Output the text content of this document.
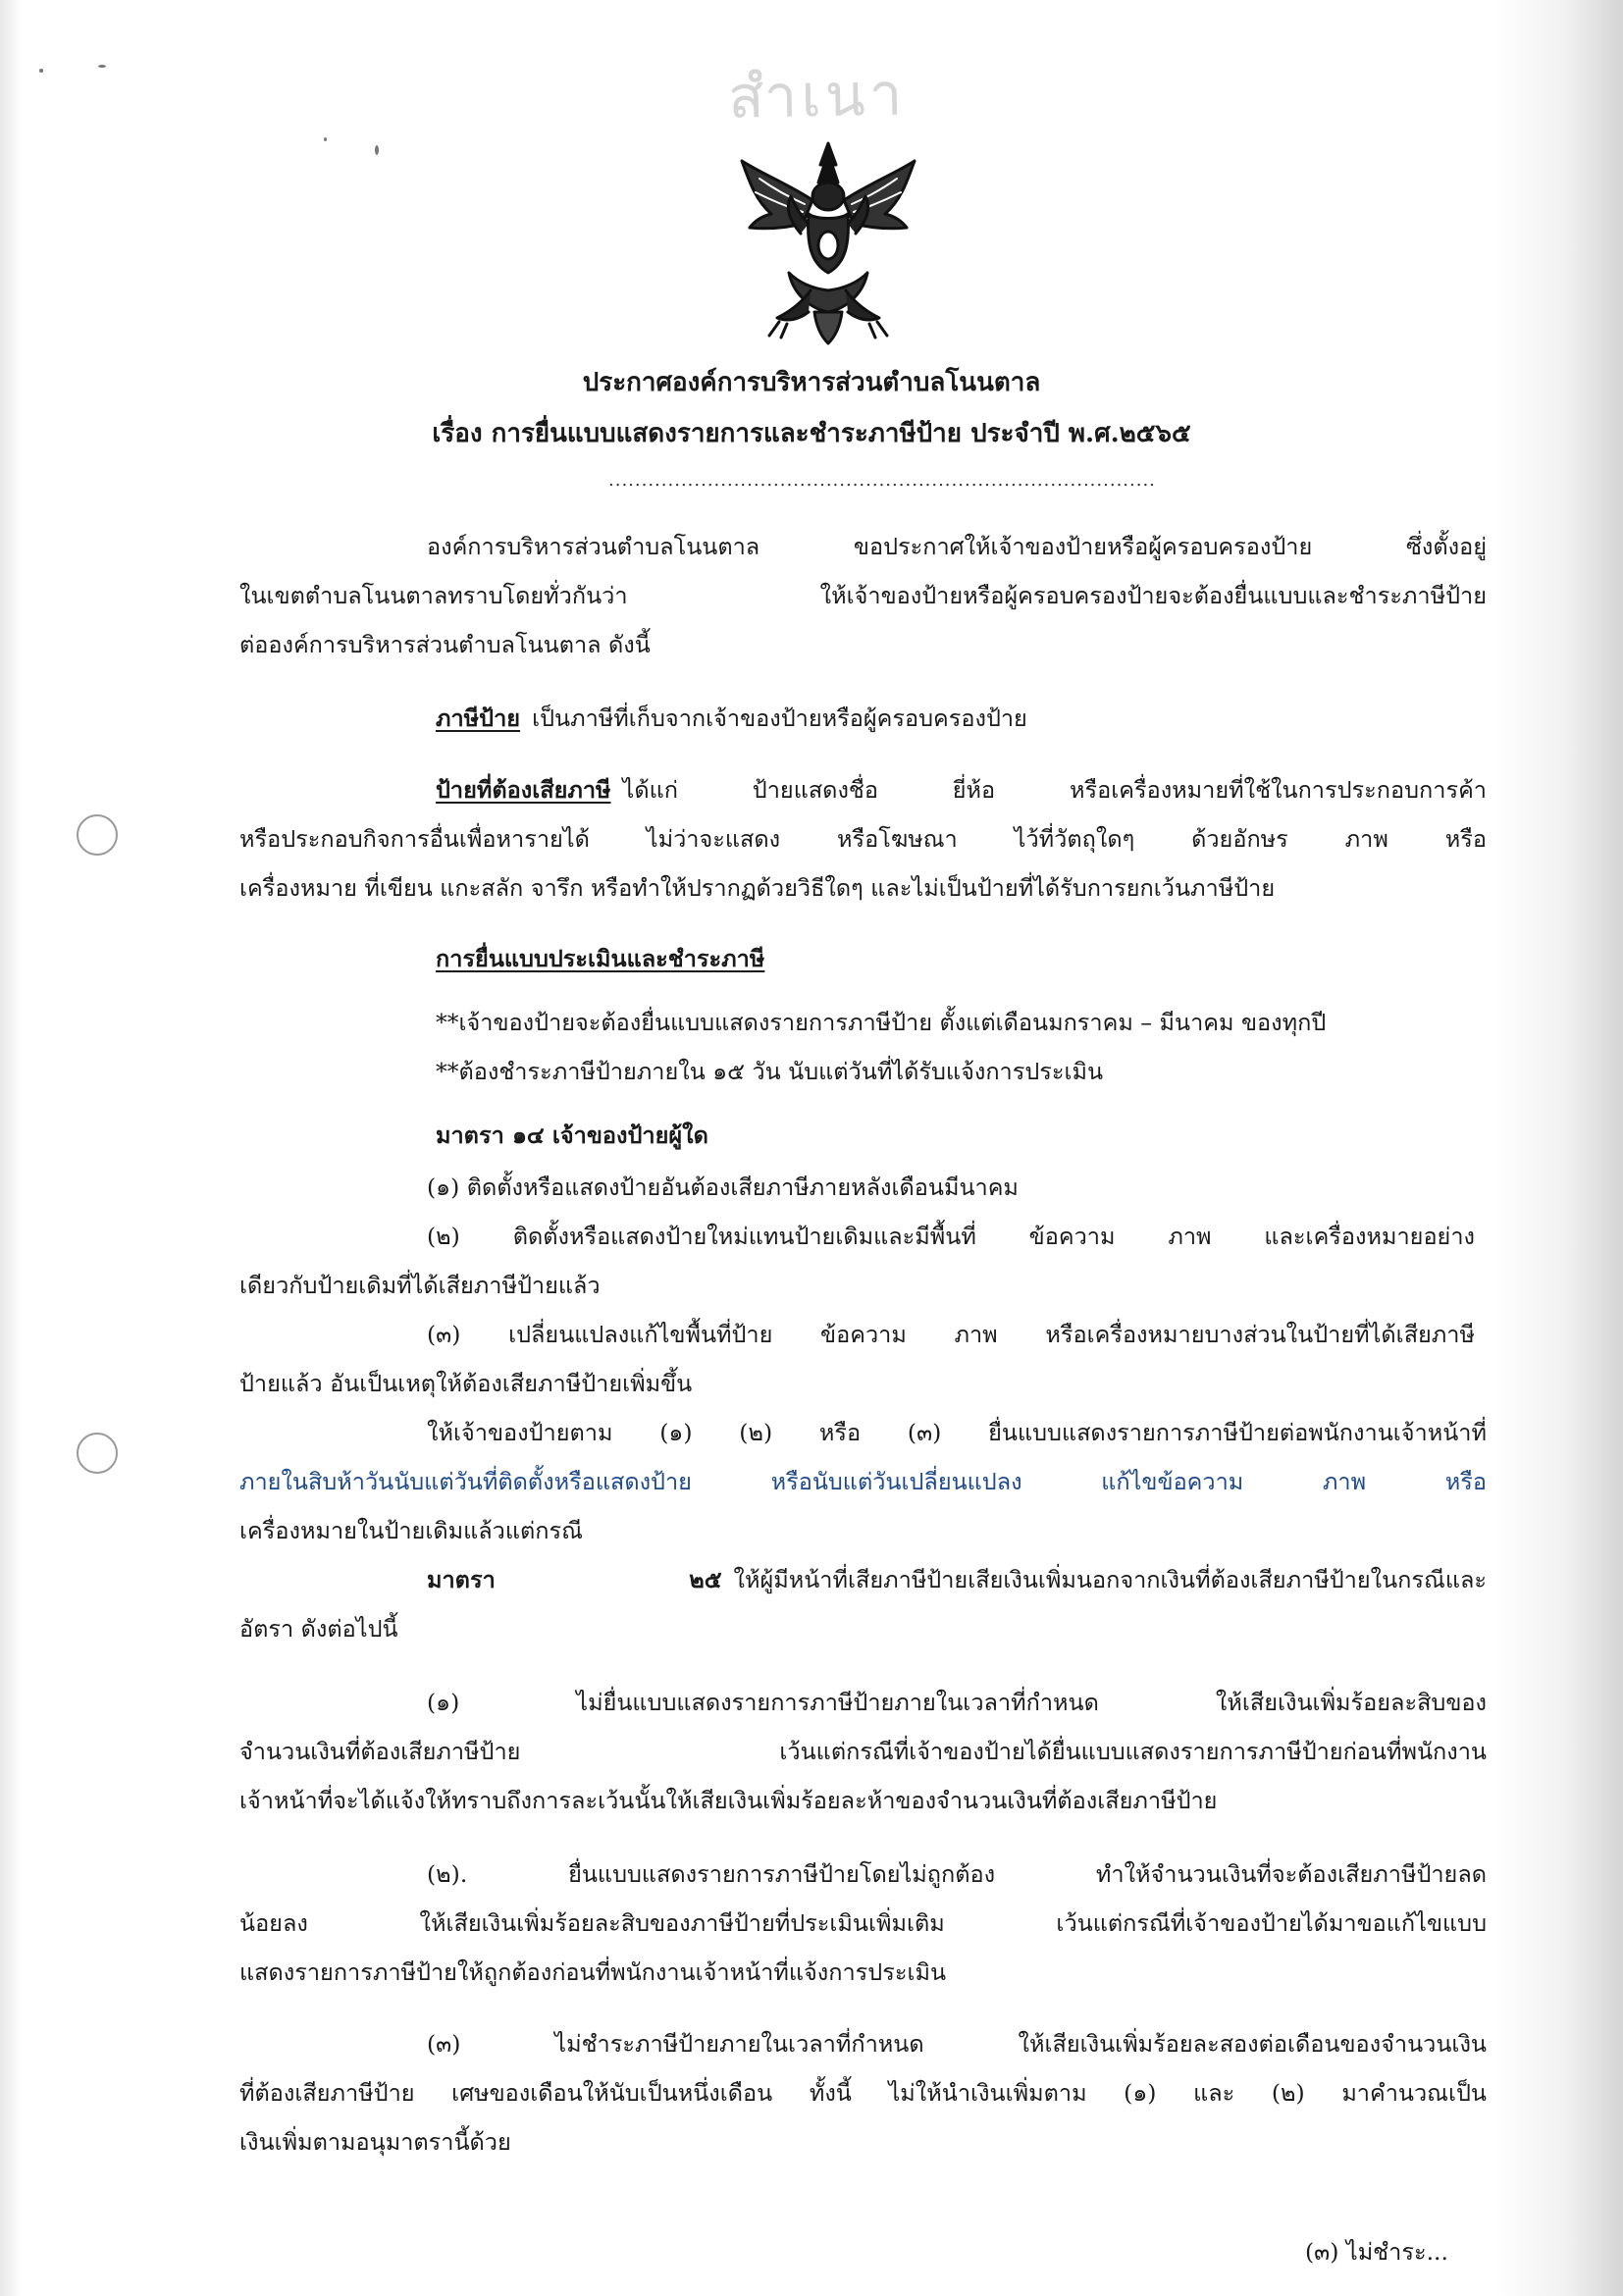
สำเนา
ประกาศองค์การบริหารส่วนตำบลโนนตาล
เรื่อง การยื่นแบบแสดงรายการและชำระภาษีป้าย ประจำปี พ.ศ.๒๕๖๕
...................................................................................
องค์การบริหารส่วนตำบลโนนตาล ขอประกาศให้เจ้าของป้ายหรือผู้ครอบครองป้าย ซึ่งตั้งอยู่
ในเขตตำบลโนนตาลทราบโดยทั่วกันว่า ให้เจ้าของป้ายหรือผู้ครอบครองป้ายจะต้องยื่นแบบและชำระภาษีป้าย
ต่อองค์การบริหารส่วนตำบลโนนตาล ดังนี้
ภาษีป้าย เป็นภาษีที่เก็บจากเจ้าของป้ายหรือผู้ครอบครองป้าย
ป้ายที่ต้องเสียภาษี ได้แก่ ป้ายแสดงชื่อ ยี่ห้อ หรือเครื่องหมายที่ใช้ในการประกอบการค้า
หรือประกอบกิจการอื่นเพื่อหารายได้ ไม่ว่าจะแสดง หรือโฆษณา ไว้ที่วัตถุใดๆ ด้วยอักษร ภาพ หรือ
เครื่องหมาย ที่เขียน แกะสลัก จารึก หรือทำให้ปรากฏด้วยวิธีใดๆ และไม่เป็นป้ายที่ได้รับการยกเว้นภาษีป้าย
การยื่นแบบประเมินและชำระภาษี
**เจ้าของป้ายจะต้องยื่นแบบแสดงรายการภาษีป้าย ตั้งแต่เดือนมกราคม – มีนาคม ของทุกปี
**ต้องชำระภาษีป้ายภายใน ๑๕ วัน นับแต่วันที่ได้รับแจ้งการประเมิน
มาตรา ๑๔ เจ้าของป้ายผู้ใด
(๑) ติดตั้งหรือแสดงป้ายอันต้องเสียภาษีภายหลังเดือนมีนาคม
(๒) ติดตั้งหรือแสดงป้ายใหม่แทนป้ายเดิมและมีพื้นที่ ข้อความ ภาพ และเครื่องหมายอย่าง
เดียวกับป้ายเดิมที่ได้เสียภาษีป้ายแล้ว
(๓) เปลี่ยนแปลงแก้ไขพื้นที่ป้าย ข้อความ ภาพ หรือเครื่องหมายบางส่วนในป้ายที่ได้เสียภาษี
ป้ายแล้ว อันเป็นเหตุให้ต้องเสียภาษีป้ายเพิ่มขึ้น
ให้เจ้าของป้ายตาม (๑) (๒) หรือ (๓) ยื่นแบบแสดงรายการภาษีป้ายต่อพนักงานเจ้าหน้าที่
ภายในสิบห้าวันนับแต่วันที่ติดตั้งหรือแสดงป้าย หรือนับแต่วันเปลี่ยนแปลง แก้ไขข้อความ ภาพ หรือ
เครื่องหมายในป้ายเดิมแล้วแต่กรณี
มาตรา ๒๕ ให้ผู้มีหน้าที่เสียภาษีป้ายเสียเงินเพิ่มนอกจากเงินที่ต้องเสียภาษีป้ายในกรณีและ
อัตรา ดังต่อไปนี้
(๑) ไม่ยื่นแบบแสดงรายการภาษีป้ายภายในเวลาที่กำหนด ให้เสียเงินเพิ่มร้อยละสิบของ
จำนวนเงินที่ต้องเสียภาษีป้าย เว้นแต่กรณีที่เจ้าของป้ายได้ยื่นแบบแสดงรายการภาษีป้ายก่อนที่พนักงาน
เจ้าหน้าที่จะได้แจ้งให้ทราบถึงการละเว้นนั้นให้เสียเงินเพิ่มร้อยละห้าของจำนวนเงินที่ต้องเสียภาษีป้าย
(๒). ยื่นแบบแสดงรายการภาษีป้ายโดยไม่ถูกต้อง ทำให้จำนวนเงินที่จะต้องเสียภาษีป้ายลด
น้อยลง ให้เสียเงินเพิ่มร้อยละสิบของภาษีป้ายที่ประเมินเพิ่มเติม เว้นแต่กรณีที่เจ้าของป้ายได้มาขอแก้ไขแบบ
แสดงรายการภาษีป้ายให้ถูกต้องก่อนที่พนักงานเจ้าหน้าที่แจ้งการประเมิน
(๓) ไม่ชำระภาษีป้ายภายในเวลาที่กำหนด ให้เสียเงินเพิ่มร้อยละสองต่อเดือนของจำนวนเงิน
ที่ต้องเสียภาษีป้าย เศษของเดือนให้นับเป็นหนึ่งเดือน ทั้งนี้ ไม่ให้นำเงินเพิ่มตาม (๑) และ (๒) มาคำนวณเป็น
เงินเพิ่มตามอนุมาตรานี้ด้วย
(๓) ไม่ชำระ...
